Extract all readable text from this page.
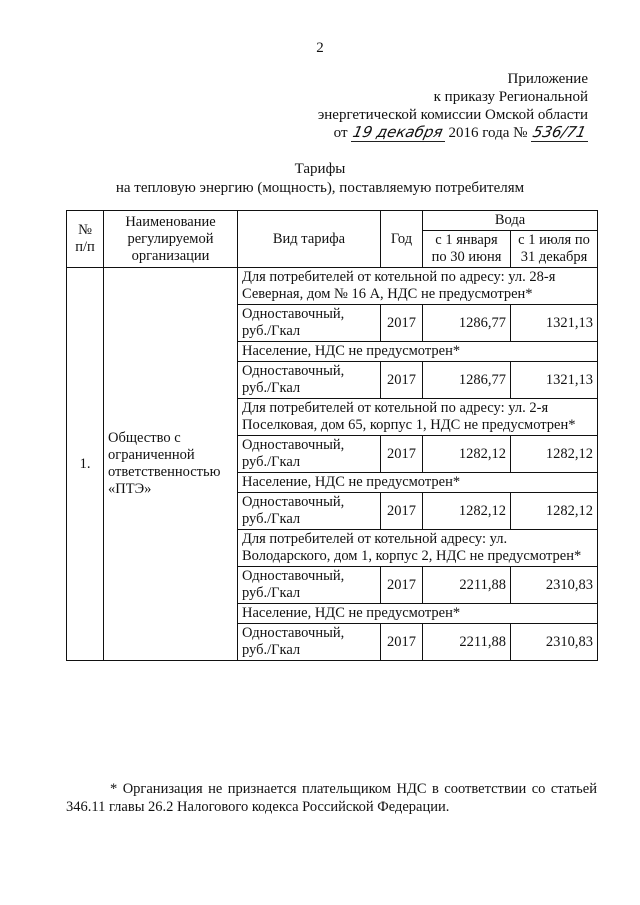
2
Приложение
к приказу Региональной
энергетической комиссии Омской области
от 19 декабря 2016 года № 536/71
Тарифы
на тепловую энергию (мощность), поставляемую потребителям
№ п/п	Наименование регулируемой организации	Вид тарифа	Год	Вода	
				с 1 января по 30 июня	с 1 июля по 31 декабря
1.	Общество с ограниченной ответственностью «ПТЭ»	Для потребителей от котельной по адресу: ул. 28-я Северная, дом № 16 А, НДС не предусмотрен*			
		Одноставочный, руб./Гкал	2017	1286,77	1321,13
		Население, НДС не предусмотрен*			
		Одноставочный, руб./Гкал	2017	1286,77	1321,13
		Для потребителей от котельной по адресу: ул. 2-я Поселковая, дом 65, корпус 1, НДС не предусмотрен*			
		Одноставочный, руб./Гкал	2017	1282,12	1282,12
		Население, НДС не предусмотрен*			
		Одноставочный, руб./Гкал	2017	1282,12	1282,12
		Для потребителей от котельной адресу: ул. Володарского, дом 1, корпус 2, НДС не предусмотрен*			
		Одноставочный, руб./Гкал	2017	2211,88	2310,83
		Население, НДС не предусмотрен*			
		Одноставочный, руб./Гкал	2017	2211,88	2310,83
* Организация не признается плательщиком НДС в соответствии со статьей 346.11 главы 26.2 Налогового кодекса Российской Федерации.
